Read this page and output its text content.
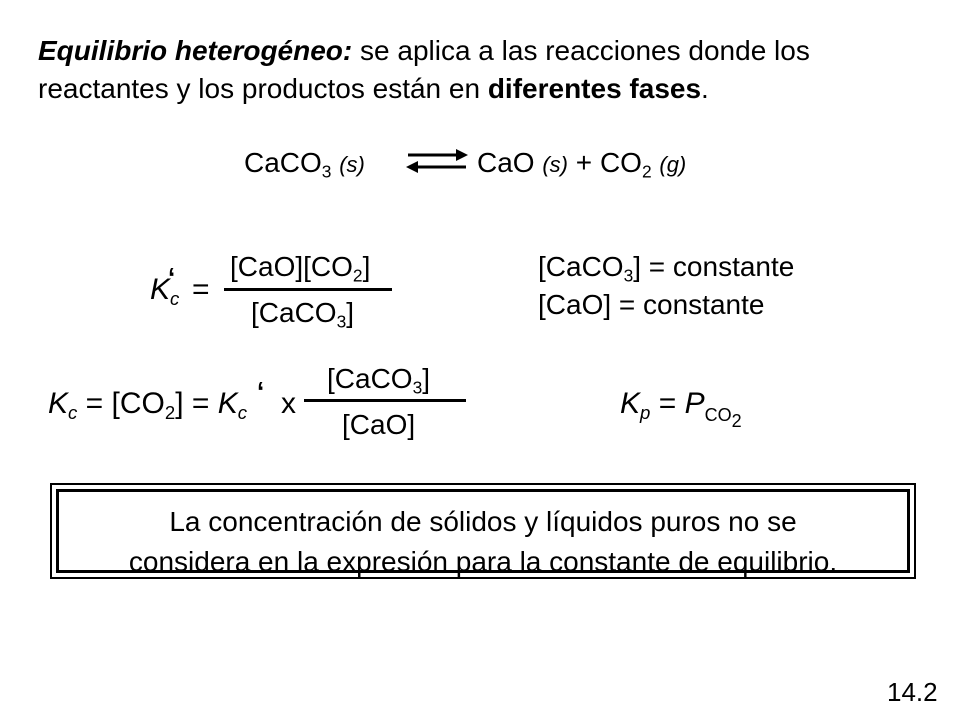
Equilibrio heterogéneo: se aplica a las reacciones donde los
reactantes y los productos están en diferentes fases.
CaCO$_3$ (s)	CaO $(s) + CO_2$ (g)
$K_c$
‘ =
$[CaO][CO_2]$
[CaCO$_3$]
[CaCO$_3$] = constante
[CaO] = constante
$K_c = [CO_2] = K_c$
‘ x
[CaCO$_3$]
[CaO]
$K_p = P_{CO2}$
La concentración de sólidos y líquidos puros no se
considera en la expresión para la constante de equilibrio.
14.2
